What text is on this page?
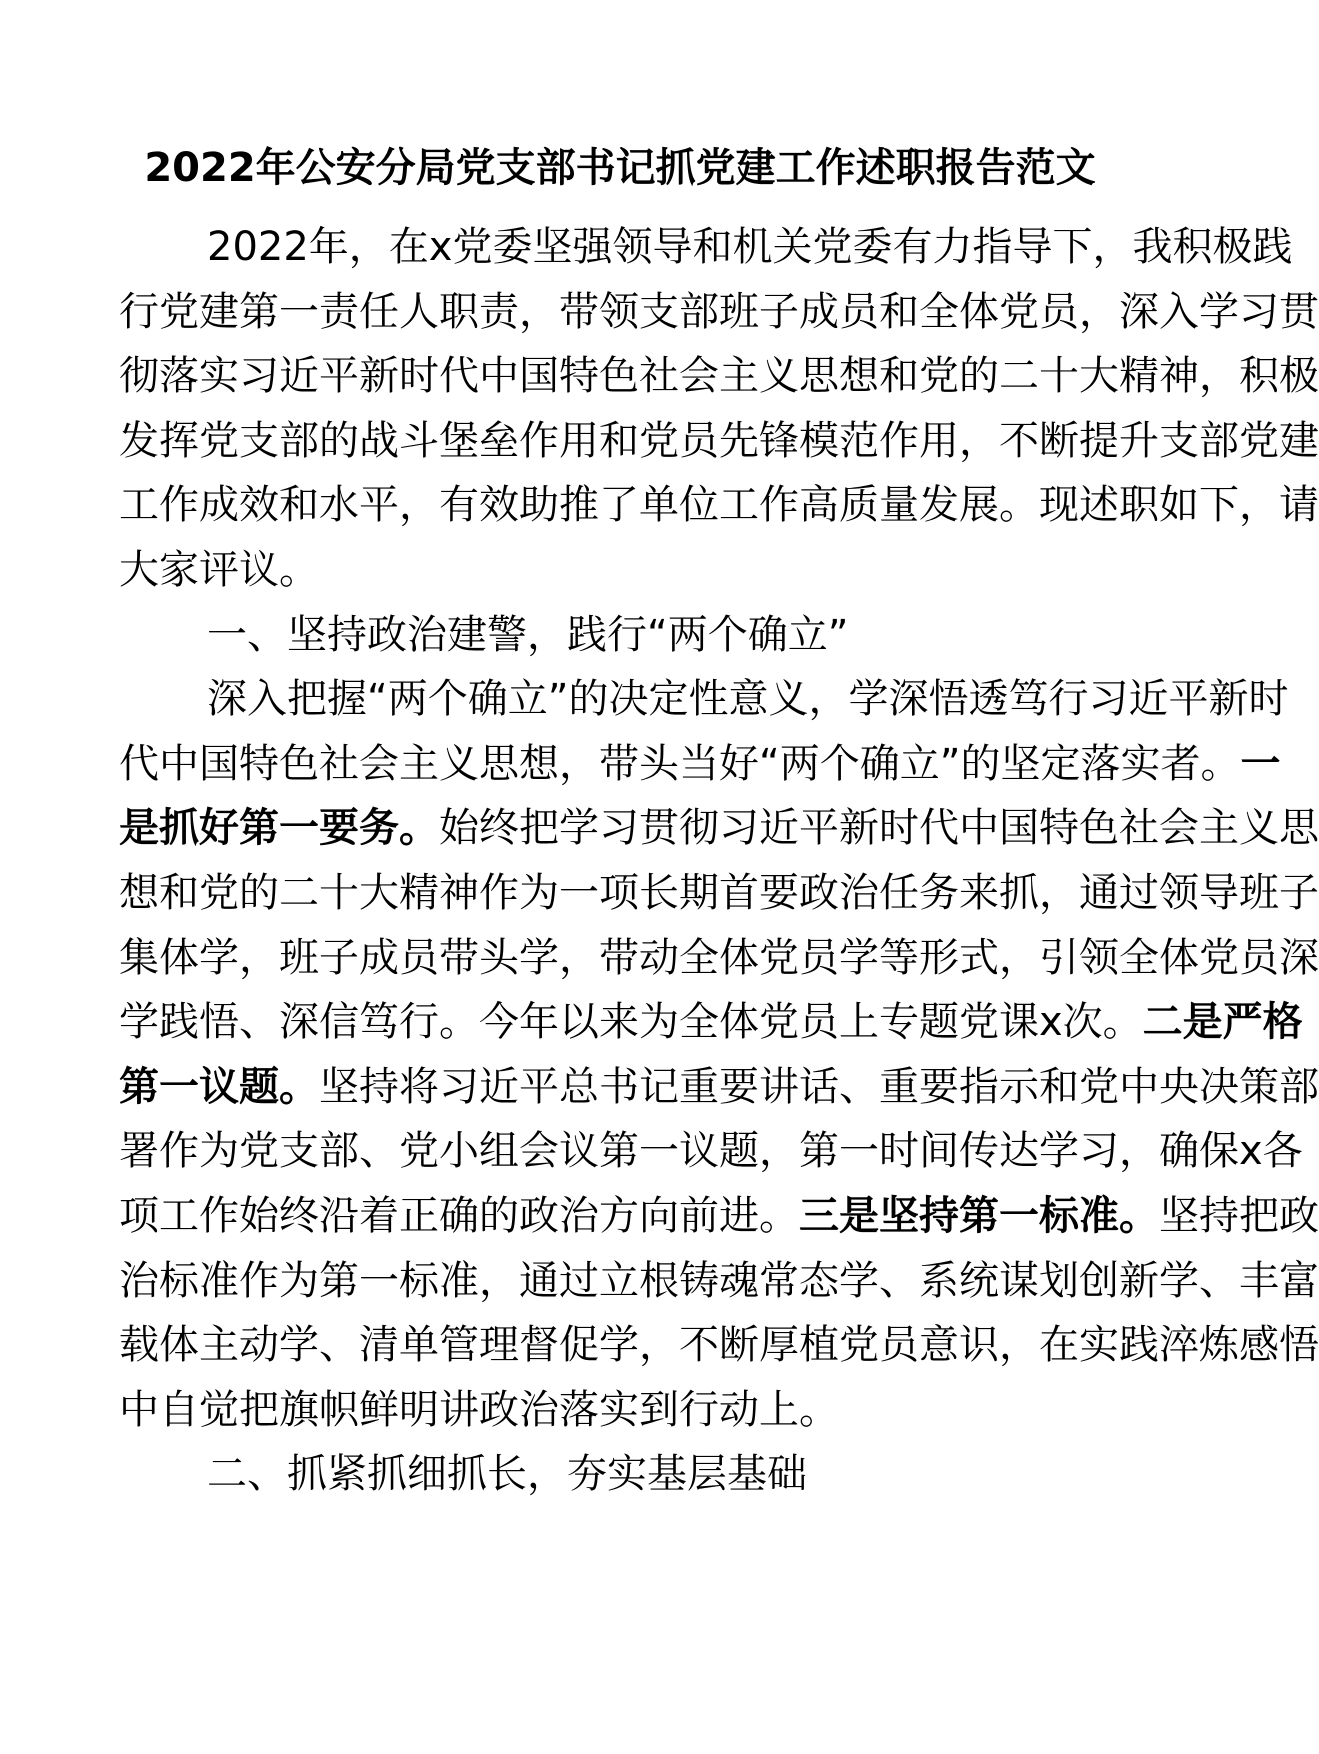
2022年公安分局党支部书记抓党建工作述职报告范文
2022年，在x党委坚强领导和机关党委有力指导下，我积极践
行党建第一责任人职责，带领支部班子成员和全体党员，深入学习贯
彻落实习近平新时代中国特色社会主义思想和党的二十大精神，积极
发挥党支部的战斗堡垒作用和党员先锋模范作用，不断提升支部党建
工作成效和水平，有效助推了单位工作高质量发展。现述职如下，请
大家评议。
一、坚持政治建警，践行“两个确立”
深入把握“两个确立”的决定性意义，学深悟透笃行习近平新时
代中国特色社会主义思想，带头当好“两个确立”的坚定落实者。一
是抓好第一要务。始终把学习贯彻习近平新时代中国特色社会主义思
想和党的二十大精神作为一项长期首要政治任务来抓，通过领导班子
集体学，班子成员带头学，带动全体党员学等形式，引领全体党员深
学践悟、深信笃行。今年以来为全体党员上专题党课x次。二是严格
第一议题。坚持将习近平总书记重要讲话、重要指示和党中央决策部
署作为党支部、党小组会议第一议题，第一时间传达学习，确保x各
项工作始终沿着正确的政治方向前进。三是坚持第一标准。坚持把政
治标准作为第一标准，通过立根铸魂常态学、系统谋划创新学、丰富
载体主动学、清单管理督促学，不断厚植党员意识，在实践淬炼感悟
中自觉把旗帜鲜明讲政治落实到行动上。
二、抓紧抓细抓长，夯实基层基础
